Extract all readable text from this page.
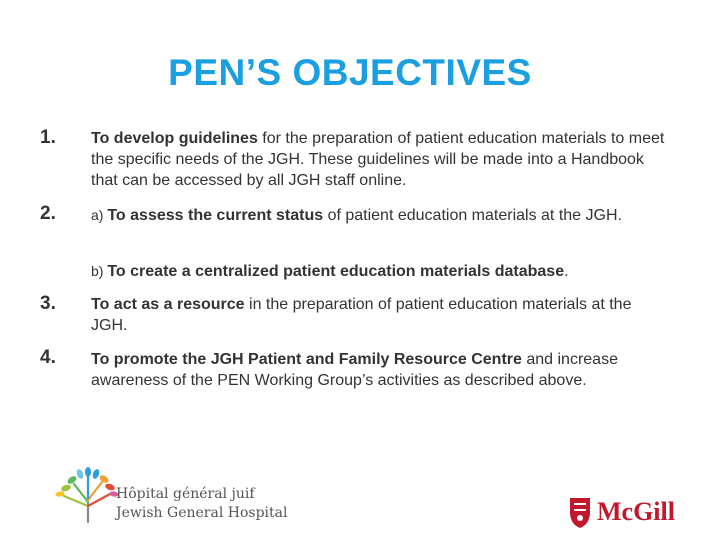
PEN’S OBJECTIVES
1. To develop guidelines for the preparation of patient education materials to meet the specific needs of the JGH. These guidelines will be made into a Handbook that can be accessed by all JGH staff online.
2.	a) To assess the current status of patient education materials at the JGH.
b) To create a centralized patient education materials database.
3. To act as a resource in the preparation of patient education materials at the JGH.
4. To promote the JGH Patient and Family Resource Centre and increase awareness of the PEN Working Group’s activities as described above.
Hôpital général juif
Jewish General Hospital	McGill
